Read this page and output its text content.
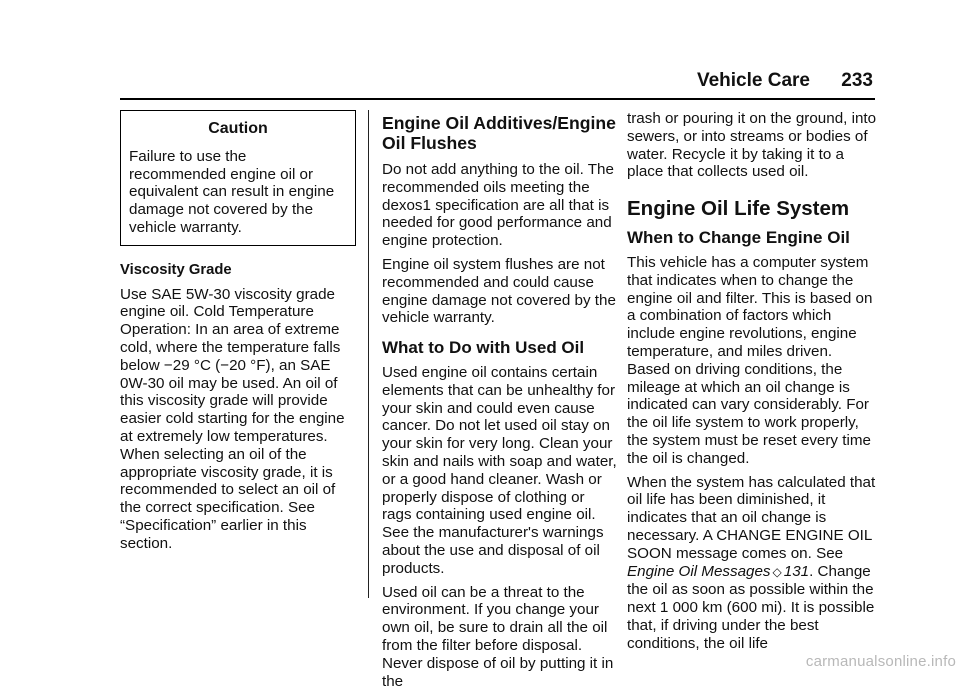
Vehicle Care 233
Caution

Failure to use the recommended engine oil or equivalent can result in engine damage not covered by the vehicle warranty.

Viscosity Grade

Use SAE 5W-30 viscosity grade engine oil. Cold Temperature Operation: In an area of extreme cold, where the temperature falls below −29 °C (−20 °F), an SAE 0W-30 oil may be used. An oil of this viscosity grade will provide easier cold starting for the engine at extremely low temperatures. When selecting an oil of the appropriate viscosity grade, it is recommended to select an oil of the correct specification. See “Specification” earlier in this section.

Engine Oil Additives/Engine Oil Flushes

Do not add anything to the oil. The recommended oils meeting the dexos1 specification are all that is needed for good performance and engine protection.

Engine oil system flushes are not recommended and could cause engine damage not covered by the vehicle warranty.

What to Do with Used Oil

Used engine oil contains certain elements that can be unhealthy for your skin and could even cause cancer. Do not let used oil stay on your skin for very long. Clean your skin and nails with soap and water, or a good hand cleaner. Wash or properly dispose of clothing or rags containing used engine oil. See the manufacturer's warnings about the use and disposal of oil products.

Used oil can be a threat to the environment. If you change your own oil, be sure to drain all the oil from the filter before disposal. Never dispose of oil by putting it in the

trash or pouring it on the ground, into sewers, or into streams or bodies of water. Recycle it by taking it to a place that collects used oil.

Engine Oil Life System
When to Change Engine Oil

This vehicle has a computer system that indicates when to change the engine oil and filter. This is based on a combination of factors which include engine revolutions, engine temperature, and miles driven. Based on driving conditions, the mileage at which an oil change is indicated can vary considerably. For the oil life system to work properly, the system must be reset every time the oil is changed.

When the system has calculated that oil life has been diminished, it indicates that an oil change is necessary. A CHANGE ENGINE OIL SOON message comes on. See Engine Oil Messages ◇ 131. Change the oil as soon as possible within the next 1 000 km (600 mi). It is possible that, if driving under the best conditions, the oil life

carmanualsonline.info
